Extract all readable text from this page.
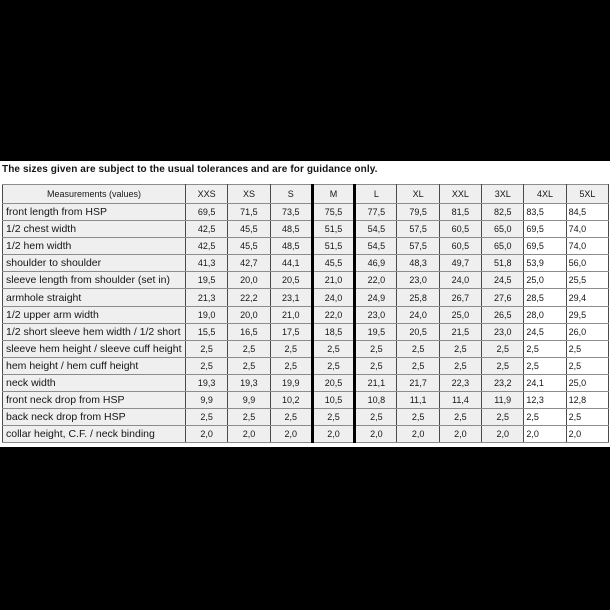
The sizes given are subject to the usual tolerances and are for guidance only.
Measurements (values)	XXS	XS	S	M	L	XL	XXL	3XL	4XL	5XL
front length from HSP	69,5	71,5	73,5	75,5	77,5	79,5	81,5	82,5	83,5	84,5
1/2 chest width	42,5	45,5	48,5	51,5	54,5	57,5	60,5	65,0	69,5	74,0
1/2 hem width	42,5	45,5	48,5	51,5	54,5	57,5	60,5	65,0	69,5	74,0
shoulder to shoulder	41,3	42,7	44,1	45,5	46,9	48,3	49,7	51,8	53,9	56,0
sleeve length from shoulder (set in)	19,5	20,0	20,5	21,0	22,0	23,0	24,0	24,5	25,0	25,5
armhole straight	21,3	22,2	23,1	24,0	24,9	25,8	26,7	27,6	28,5	29,4
1/2 upper arm width	19,0	20,0	21,0	22,0	23,0	24,0	25,0	26,5	28,0	29,5
1/2 short sleeve hem width / 1/2 short	15,5	16,5	17,5	18,5	19,5	20,5	21,5	23,0	24,5	26,0
sleeve hem height / sleeve cuff height	2,5	2,5	2,5	2,5	2,5	2,5	2,5	2,5	2,5	2,5
hem height / hem cuff height	2,5	2,5	2,5	2,5	2,5	2,5	2,5	2,5	2,5	2,5
neck width	19,3	19,3	19,9	20,5	21,1	21,7	22,3	23,2	24,1	25,0
front neck drop from HSP	9,9	9,9	10,2	10,5	10,8	11,1	11,4	11,9	12,3	12,8
back neck drop from HSP	2,5	2,5	2,5	2,5	2,5	2,5	2,5	2,5	2,5	2,5
collar height, C.F. / neck binding	2,0	2,0	2,0	2,0	2,0	2,0	2,0	2,0	2,0	2,0
